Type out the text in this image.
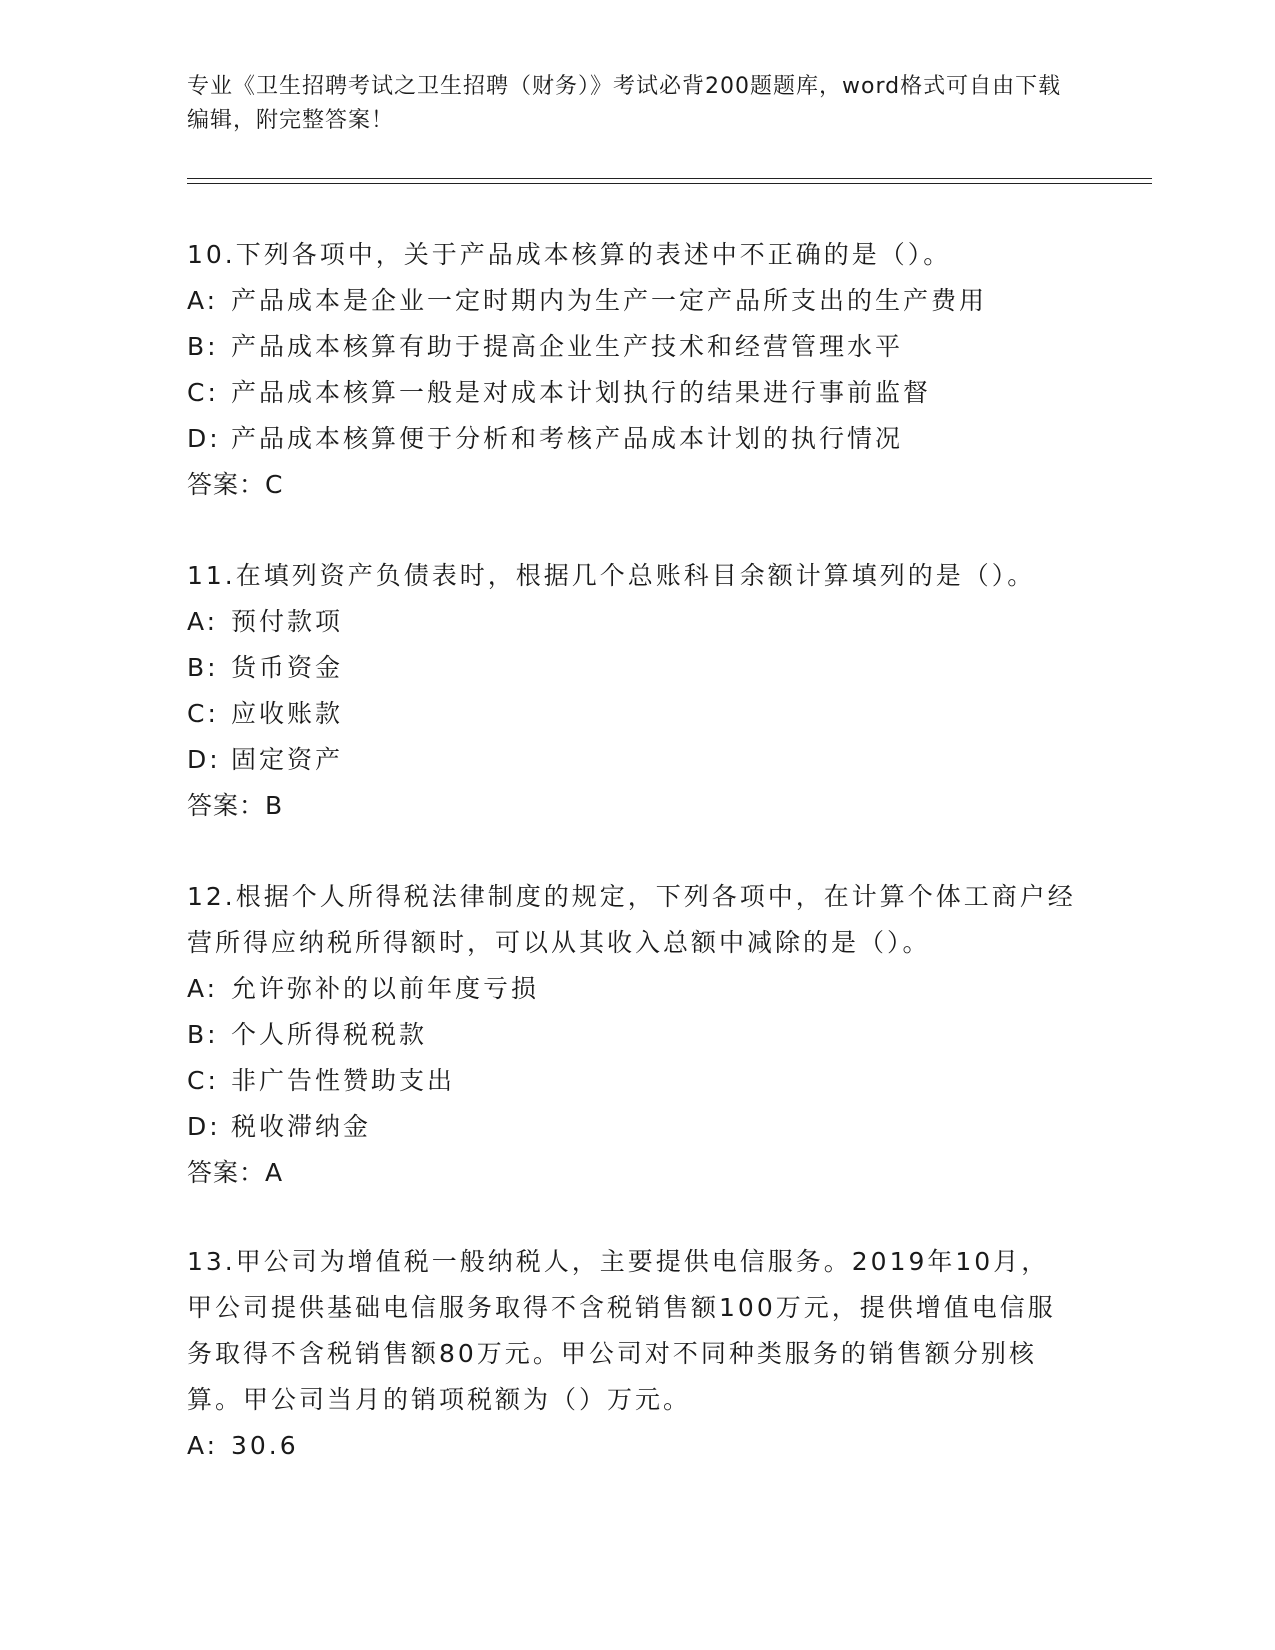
专业《卫生招聘考试之卫生招聘（财务）》考试必背200题题库，word格式可自由下载编辑，附完整答案！
10.下列各项中，关于产品成本核算的表述中不正确的是（）。
A: 产品成本是企业一定时期内为生产一定产品所支出的生产费用
B: 产品成本核算有助于提高企业生产技术和经营管理水平
C: 产品成本核算一般是对成本计划执行的结果进行事前监督
D: 产品成本核算便于分析和考核产品成本计划的执行情况
答案：C
11.在填列资产负债表时，根据几个总账科目余额计算填列的是（）。
A: 预付款项
B: 货币资金
C: 应收账款
D: 固定资产
答案：B
12.根据个人所得税法律制度的规定，下列各项中，在计算个体工商户经营所得应纳税所得额时，可以从其收入总额中减除的是（）。
A: 允许弥补的以前年度亏损
B: 个人所得税税款
C: 非广告性赞助支出
D: 税收滞纳金
答案：A
13.甲公司为增值税一般纳税人，主要提供电信服务。2019年10月，甲公司提供基础电信服务取得不含税销售额100万元，提供增值电信服务取得不含税销售额80万元。甲公司对不同种类服务的销售额分别核算。甲公司当月的销项税额为（）万元。
A: 30.6
